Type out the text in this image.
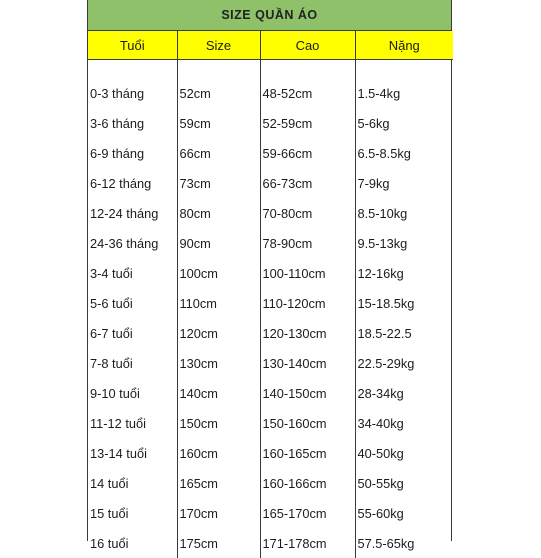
SIZE QUẦN ÁO
Tuổi	Size	Cao	Nặng

0-3 tháng	52cm	48-52cm	1.5-4kg
3-6 tháng	59cm	52-59cm	5-6kg
6-9 tháng	66cm	59-66cm	6.5-8.5kg
6-12 tháng	73cm	66-73cm	7-9kg
12-24 tháng	80cm	70-80cm	8.5-10kg
24-36 tháng	90cm	78-90cm	9.5-13kg
3-4 tuổi	100cm	100-110cm	12-16kg
5-6 tuổi	110cm	110-120cm	15-18.5kg
6-7 tuổi	120cm	120-130cm	18.5-22.5
7-8 tuổi	130cm	130-140cm	22.5-29kg
9-10 tuổi	140cm	140-150cm	28-34kg
11-12 tuổi	150cm	150-160cm	34-40kg
13-14 tuổi	160cm	160-165cm	40-50kg
14 tuổi	165cm	160-166cm	50-55kg
15 tuổi	170cm	165-170cm	55-60kg
16 tuổi	175cm	171-178cm	57.5-65kg
